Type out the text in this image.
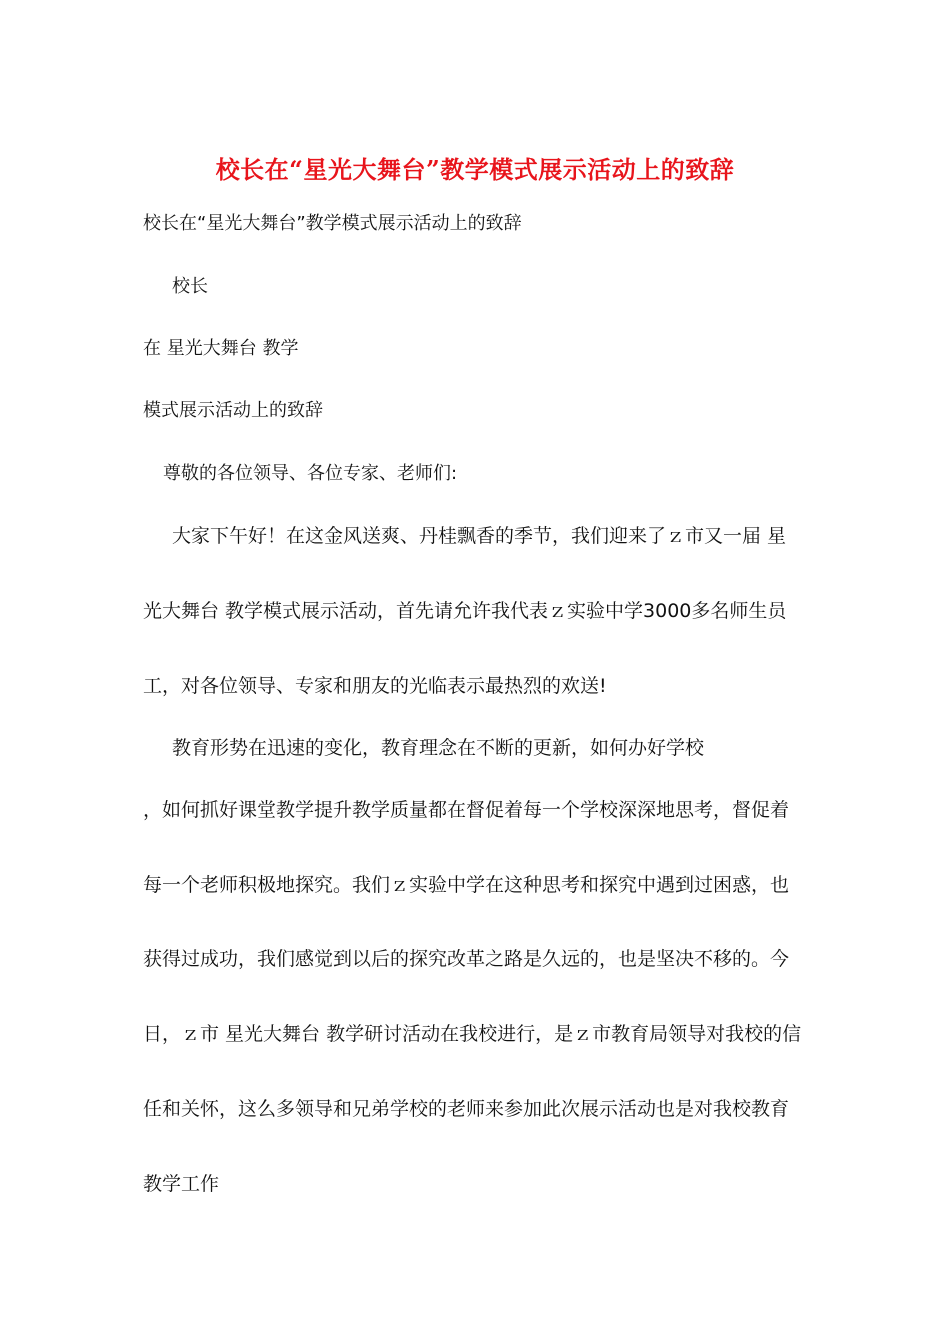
校长在“星光大舞台”教学模式展示活动上的致辞
校长在“星光大舞台”教学模式展示活动上的致辞
校长
在 星光大舞台 教学
模式展示活动上的致辞
尊敬的各位领导、各位专家、老师们:
大家下午好！在这金风送爽、丹桂飘香的季节，我们迎来了ｚ市又一届 星
光大舞台 教学模式展示活动，首先请允许我代表ｚ实验中学3000多名师生员
工，对各位领导、专家和朋友的光临表示最热烈的欢送!
教育形势在迅速的变化，教育理念在不断的更新，如何办好学校
，如何抓好课堂教学提升教学质量都在督促着每一个学校深深地思考，督促着
每一个老师积极地探究。我们ｚ实验中学在这种思考和探究中遇到过困惑，也
获得过成功，我们感觉到以后的探究改革之路是久远的，也是坚决不移的。今
日，ｚ市 星光大舞台 教学研讨活动在我校进行，是ｚ市教育局领导对我校的信
任和关怀，这么多领导和兄弟学校的老师来参加此次展示活动也是对我校教育
教学工作
